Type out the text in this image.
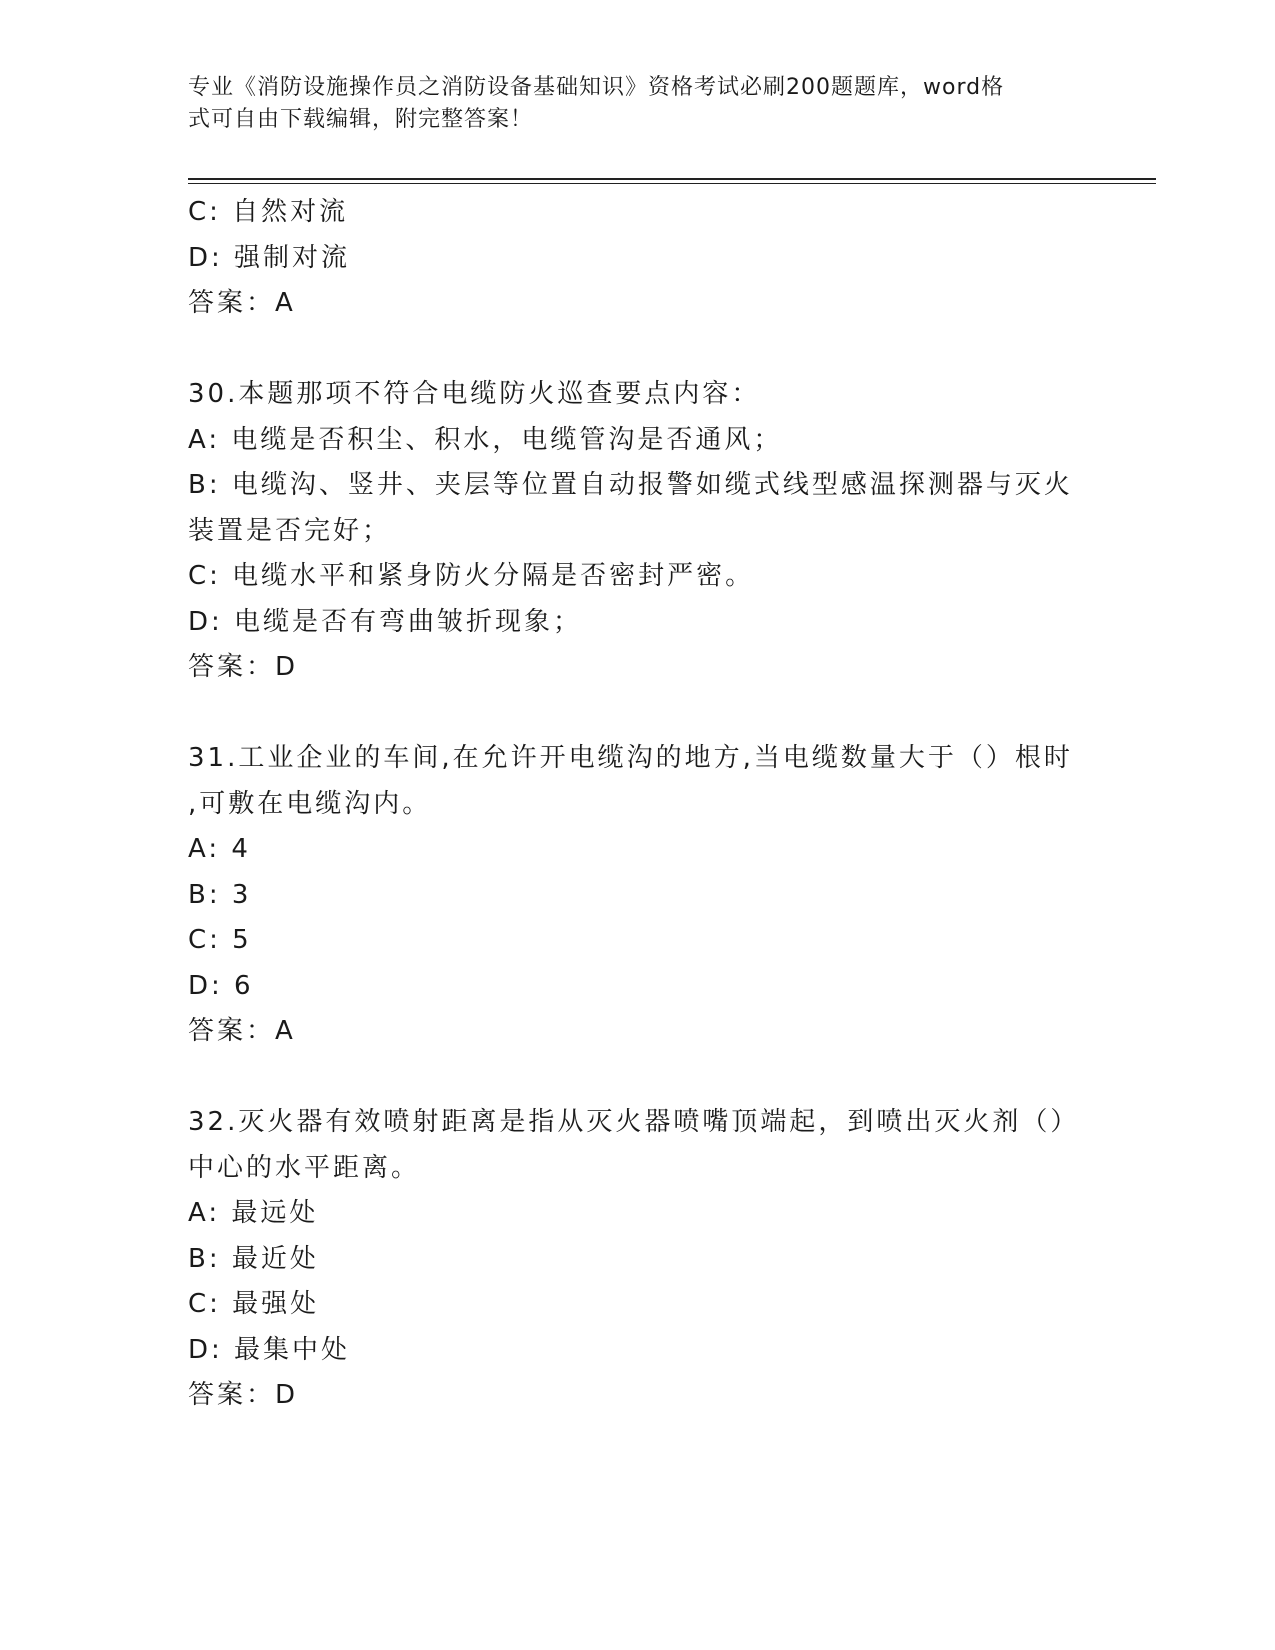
专业《消防设施操作员之消防设备基础知识》资格考试必刷200题题库，word格
式可自由下载编辑，附完整答案！
C: 自然对流
D: 强制对流
答案：A
30.本题那项不符合电缆防火巡查要点内容：
A: 电缆是否积尘、积水，电缆管沟是否通风；
B: 电缆沟、竖井、夹层等位置自动报警如缆式线型感温探测器与灭火
装置是否完好；
C: 电缆水平和紧身防火分隔是否密封严密。
D: 电缆是否有弯曲皱折现象；
答案：D
31.工业企业的车间,在允许开电缆沟的地方,当电缆数量大于（）根时
,可敷在电缆沟内。
A: 4
B: 3
C: 5
D: 6
答案：A
32.灭火器有效喷射距离是指从灭火器喷嘴顶端起，到喷出灭火剂（）
中心的水平距离。
A: 最远处
B: 最近处
C: 最强处
D: 最集中处
答案：D
